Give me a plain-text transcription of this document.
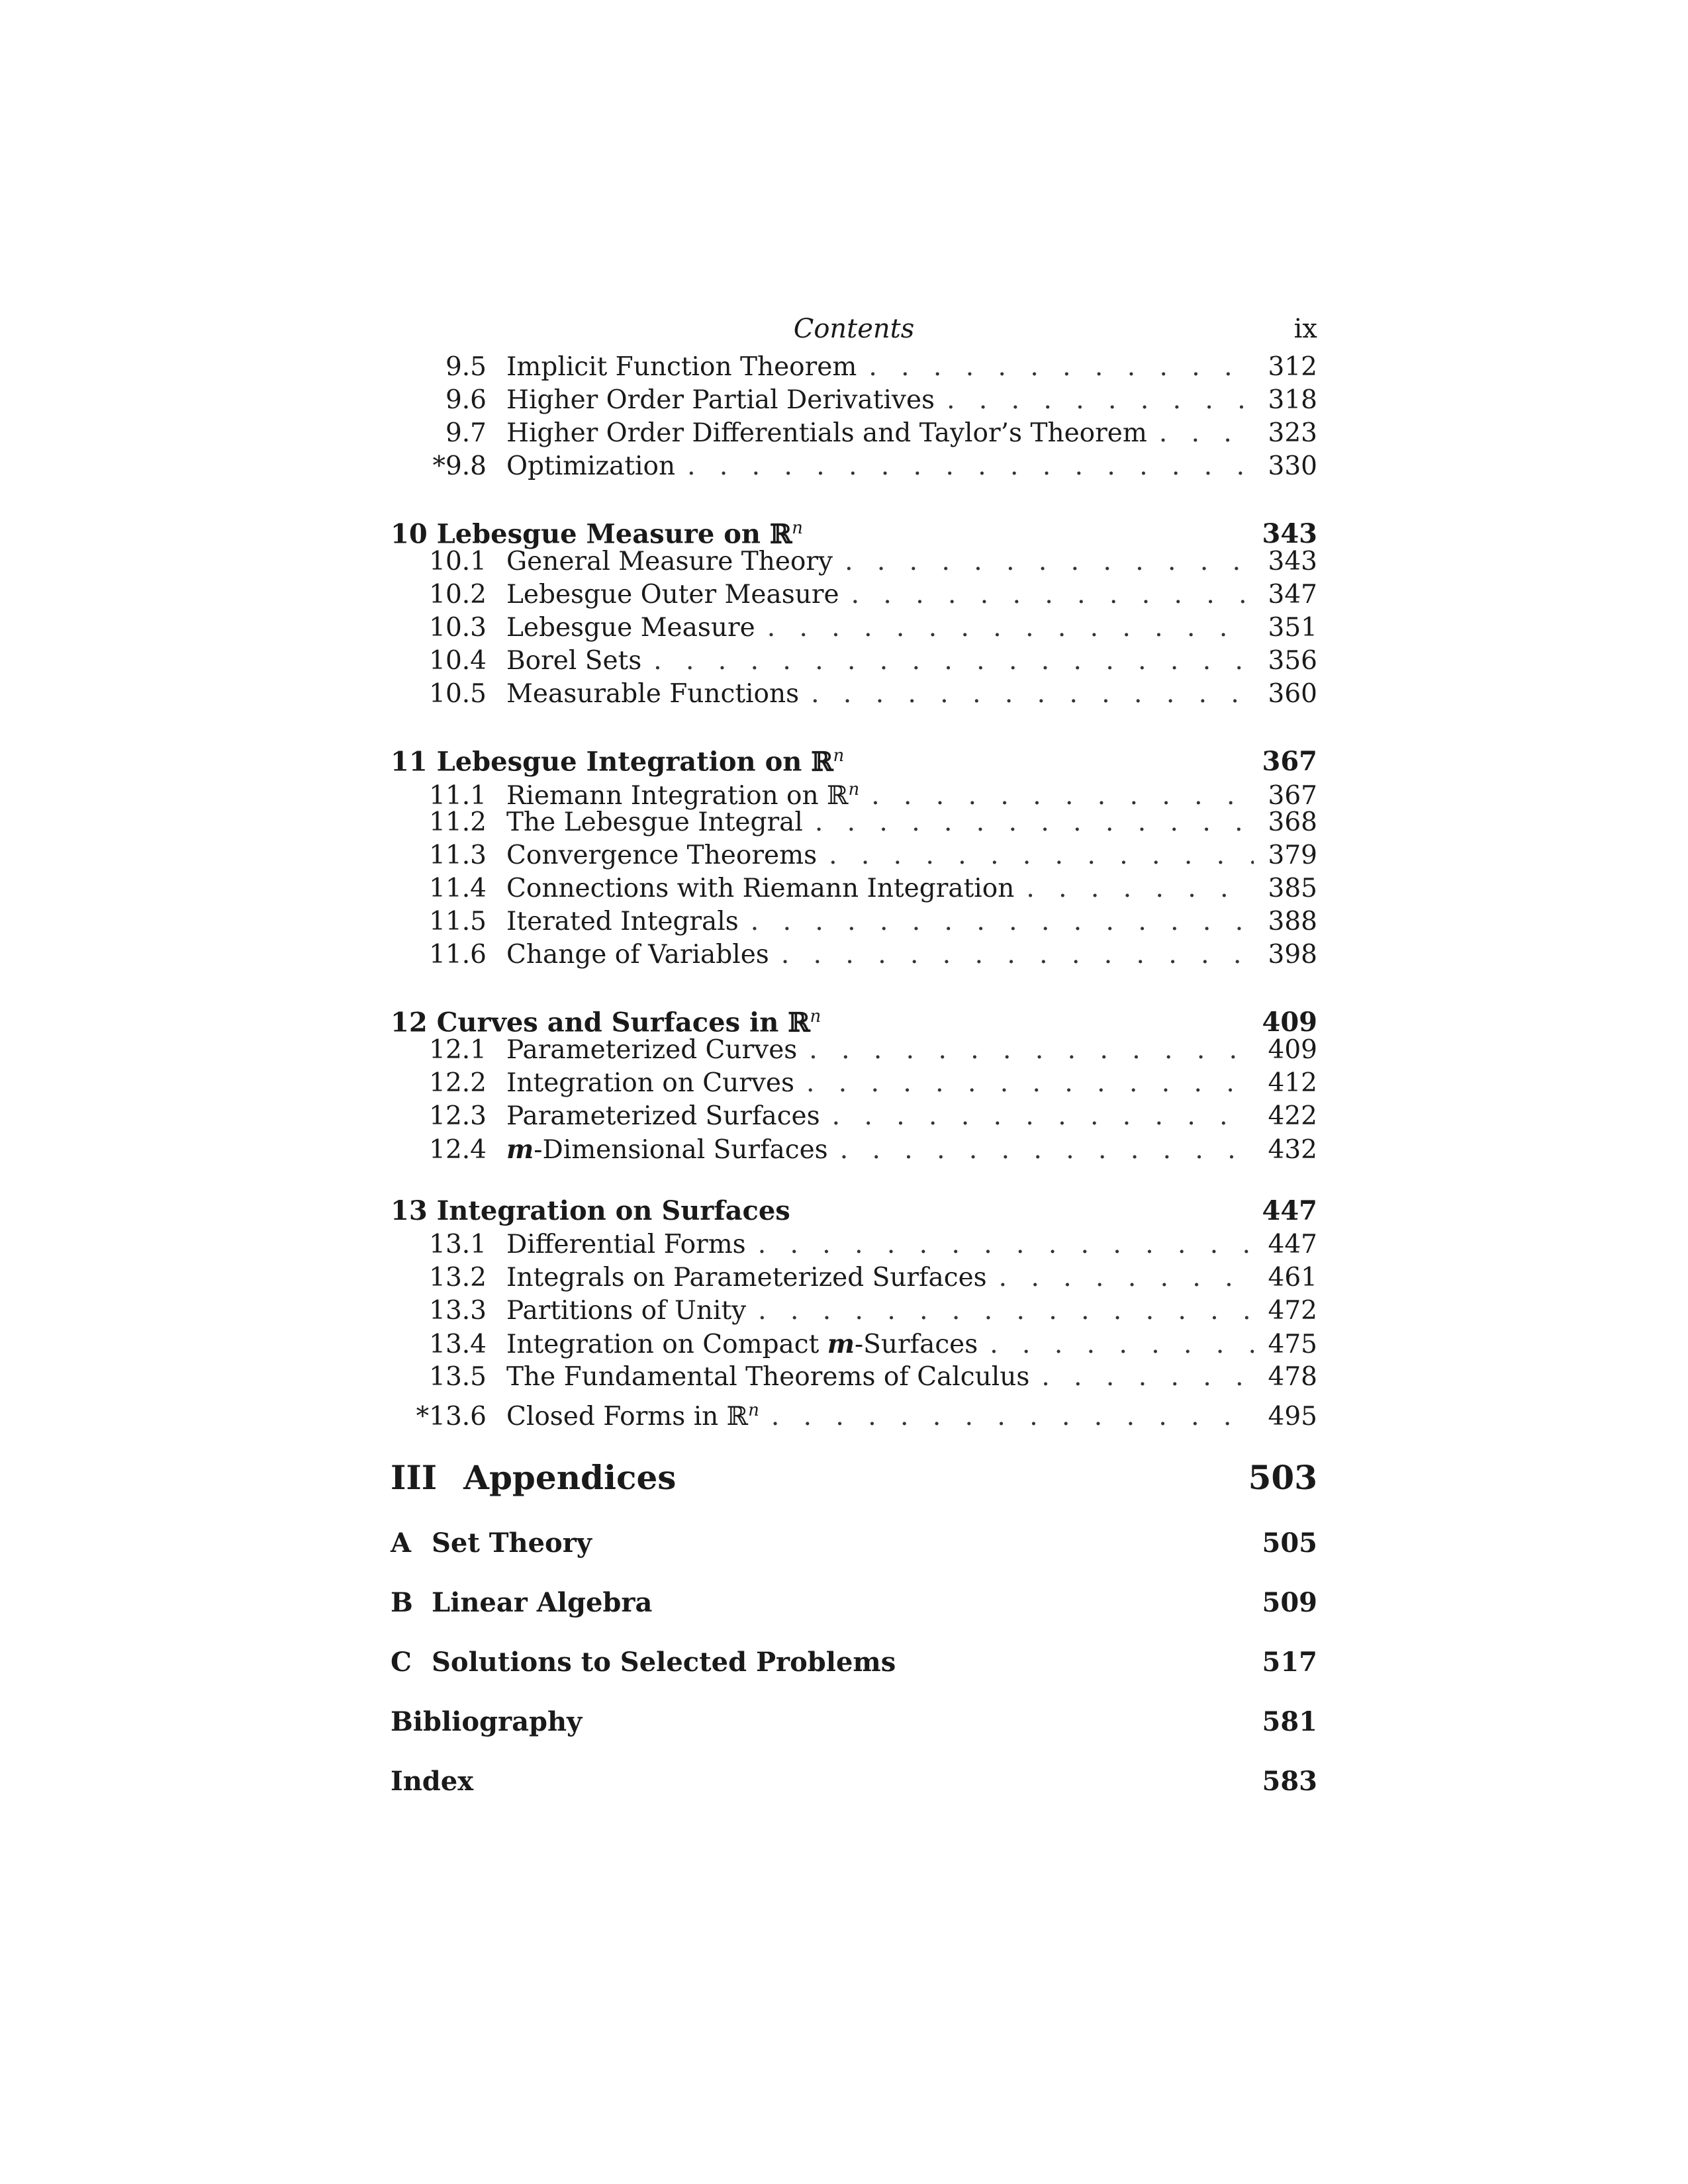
Contents	ix
9.5 Implicit Function Theorem . . .	312
9.6 Higher Order Partial Derivatives . . .	318
9.7 Higher Order Differentials and Taylor’s Theorem . . .	323
*9.8 Optimization . . .	330
10 Lebesgue Measure on ℝ$^n$	343
10.1 General Measure Theory . . .	343
10.2 Lebesgue Outer Measure . . .	347
10.3 Lebesgue Measure . . .	351
10.4 Borel Sets . . .	356
10.5 Measurable Functions . . .	360
11 Lebesgue Integration on ℝ$^n$	367
11.1 Riemann Integration on ℝ$^n$ . . .	367
11.2 The Lebesgue Integral . . .	368
11.3 Convergence Theorems . . .	379
11.4 Connections with Riemann Integration . . .	385
11.5 Iterated Integrals . . .	388
11.6 Change of Variables . . .	398
12 Curves and Surfaces in ℝ$^n$	409
12.1 Parameterized Curves . . .	409
12.2 Integration on Curves . . .	412
12.3 Parameterized Surfaces . . .	422
12.4 m-Dimensional Surfaces . . .	432
13 Integration on Surfaces	447
13.1 Differential Forms . . .	447
13.2 Integrals on Parameterized Surfaces . . .	461
13.3 Partitions of Unity . . .	472
13.4 Integration on Compact m-Surfaces . . .	475
13.5 The Fundamental Theorems of Calculus . . .	478
*13.6 Closed Forms in ℝ$^n$ . . .	495
III Appendices	503
A Set Theory	505
B Linear Algebra	509
C Solutions to Selected Problems	517
Bibliography	581
Index	583
